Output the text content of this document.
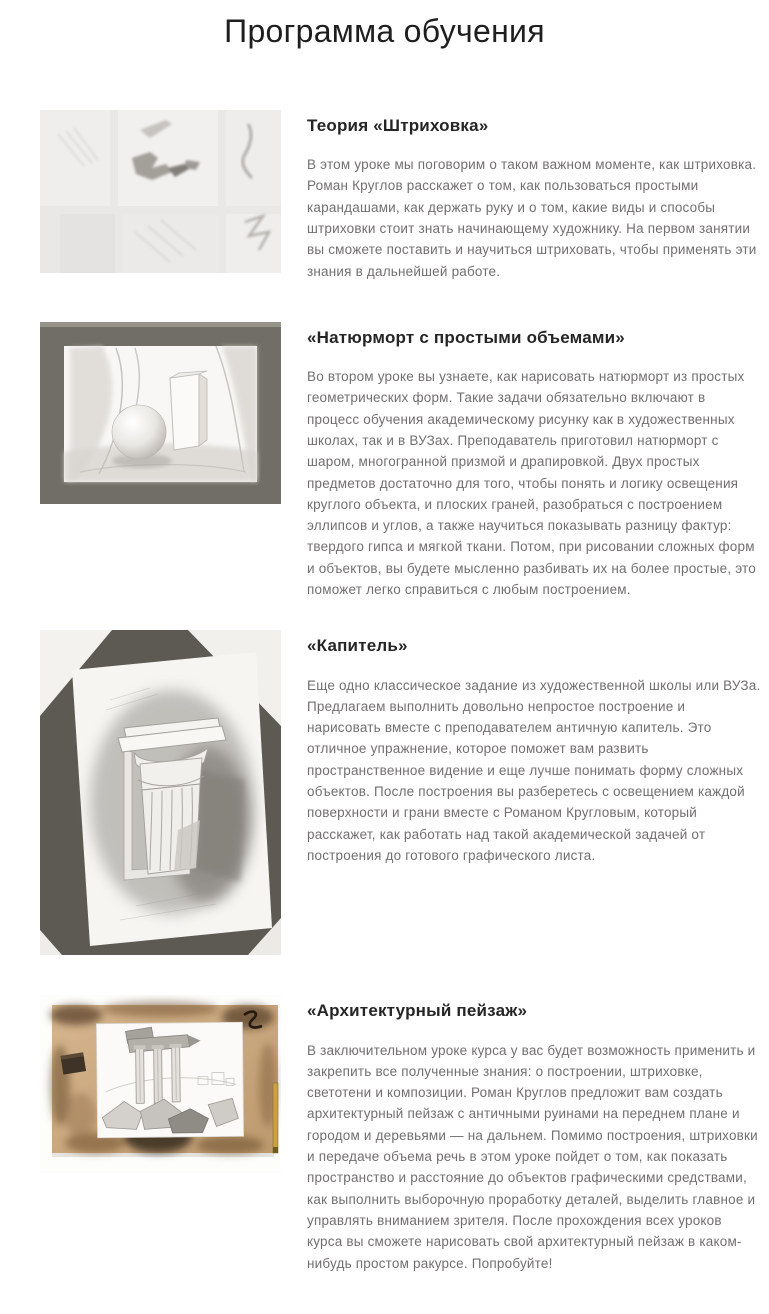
Программа обучения
Теория «Штриховка»

В этом уроке мы поговорим о таком важном моменте, как штриховка. Роман Круглов расскажет о том, как пользоваться простыми карандашами, как держать руку и о том, какие виды и способы штриховки стоит знать начинающему художнику. На первом занятии вы сможете поставить и научиться штриховать, чтобы применять эти знания в дальнейшей работе.

«Натюрморт с простыми объемами»

Во втором уроке вы узнаете, как нарисовать натюрморт из простых геометрических форм. Такие задачи обязательно включают в процесс обучения академическому рисунку как в художественных школах, так и в ВУЗах. Преподаватель приготовил натюрморт с шаром, многогранной призмой и драпировкой. Двух простых предметов достаточно для того, чтобы понять и логику освещения круглого объекта, и плоских граней, разобраться с построением эллипсов и углов, а также научиться показывать разницу фактур: твердого гипса и мягкой ткани. Потом, при рисовании сложных форм и объектов, вы будете мысленно разбивать их на более простые, это поможет легко справиться с любым построением.

«Капитель»

Еще одно классическое задание из художественной школы или ВУЗа. Предлагаем выполнить довольно непростое построение и нарисовать вместе с преподавателем античную капитель. Это отличное упражнение, которое поможет вам развить пространственное видение и еще лучше понимать форму сложных объектов. После построения вы разберетесь с освещением каждой поверхности и грани вместе с Романом Кругловым, который расскажет, как работать над такой академической задачей от построения до готового графического листа.

«Архитектурный пейзаж»

В заключительном уроке курса у вас будет возможность применить и закрепить все полученные знания: о построении, штриховке, светотени и композиции. Роман Круглов предложит вам создать архитектурный пейзаж с античными руинами на переднем плане и городом и деревьями — на дальнем. Помимо построения, штриховки и передаче объема речь в этом уроке пойдет о том, как показать пространство и расстояние до объектов графическими средствами, как выполнить выборочную проработку деталей, выделить главное и управлять вниманием зрителя. После прохождения всех уроков курса вы сможете нарисовать свой архитектурный пейзаж в каком-нибудь простом ракурсе. Попробуйте!
